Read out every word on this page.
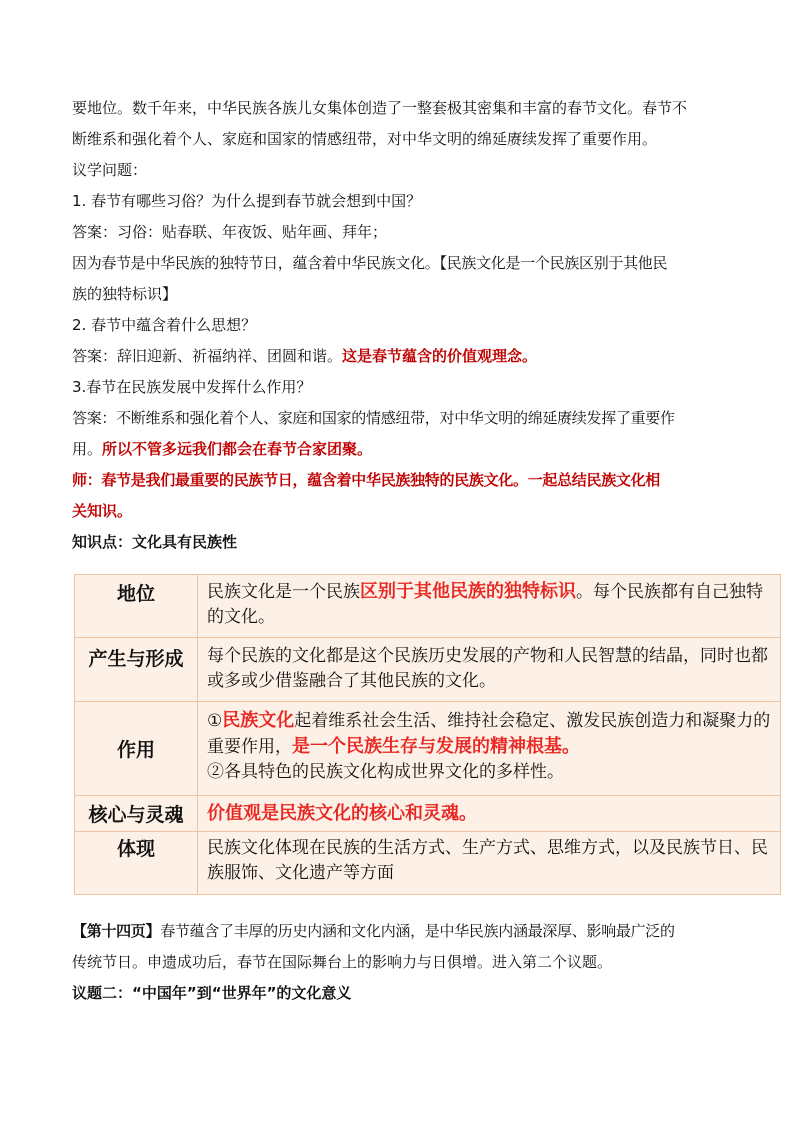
要地位。数千年来，中华民族各族儿女集体创造了一整套极其密集和丰富的春节文化。春节不
断维系和强化着个人、家庭和国家的情感纽带，对中华文明的绵延赓续发挥了重要作用。
议学问题：
1. 春节有哪些习俗？为什么提到春节就会想到中国？
答案：习俗：贴春联、年夜饭、贴年画、拜年；
因为春节是中华民族的独特节日，蕴含着中华民族文化。【民族文化是一个民族区别于其他民
族的独特标识】
2. 春节中蕴含着什么思想？
答案：辞旧迎新、祈福纳祥、团圆和谐。这是春节蕴含的价值观理念。
3.春节在民族发展中发挥什么作用？
答案：不断维系和强化着个人、家庭和国家的情感纽带，对中华文明的绵延赓续发挥了重要作
用。所以不管多远我们都会在春节合家团聚。
师：春节是我们最重要的民族节日，蕴含着中华民族独特的民族文化。一起总结民族文化相
关知识。
知识点：文化具有民族性
地位	民族文化是一个民族区别于其他民族的独特标识。每个民族都有自己独特的文化。
产生与形成	每个民族的文化都是这个民族历史发展的产物和人民智慧的结晶，同时也都或多或少借鉴融合了其他民族的文化。
作用	①民族文化起着维系社会生活、维持社会稳定、激发民族创造力和凝聚力的重要作用，是一个民族生存与发展的精神根基。
②各具特色的民族文化构成世界文化的多样性。
核心与灵魂	价值观是民族文化的核心和灵魂。
体现	民族文化体现在民族的生活方式、生产方式、思维方式，以及民族节日、民族服饰、文化遗产等方面
【第十四页】春节蕴含了丰厚的历史内涵和文化内涵，是中华民族内涵最深厚、影响最广泛的
传统节日。申遗成功后，春节在国际舞台上的影响力与日俱增。进入第二个议题。
议题二：“中国年”到“世界年”的文化意义
